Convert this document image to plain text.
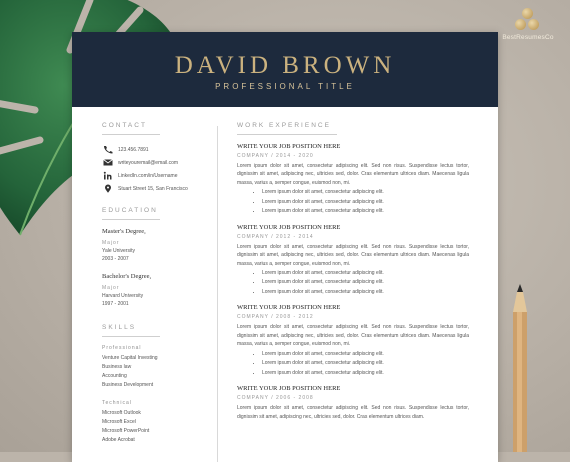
BestResumesCo
DAVID BROWN
PROFESSIONAL TITLE
CONTACT
123.456.7891
writeyouremail@email.com
LinkedIn.com/in/Username
Stuart Street 15, San Francisco
EDUCATION
Master's Degree,
Major
Yale University
2003 - 2007
Bachelor's Degree,
Major
Harvard University
1997 - 2001
SKILLS
Professional
Venture Capital Investing
Business law
Accounting
Business Development
Technical
Microsoft Outlook
Microsoft Excel
Microsoft PowerPoint
Adobe Acrobat
WORK EXPERIENCE
WRITE YOUR JOB POSITION HERE
COMPANY / 2014 - 2020
Lorem ipsum dolor sit amet, consectetur adipiscing elit. Sed non risus. Suspendisse lectus tortor, dignissim sit amet, adipiscing nec, ultricies sed, dolor. Cras elementum ultrices diam. Maecenas ligula massa, varius a, semper congue, euismod non, mi.
• Lorem ipsum dolor sit amet, consectetur adipiscing elit.
• Lorem ipsum dolor sit amet, consectetur adipiscing elit.
• Lorem ipsum dolor sit amet, consectetur adipiscing elit.
WRITE YOUR JOB POSITION HERE
COMPANY / 2012 - 2014
Lorem ipsum dolor sit amet, consectetur adipiscing elit. Sed non risus. Suspendisse lectus tortor, dignissim sit amet, adipiscing nec, ultricies sed, dolor. Cras elementum ultrices diam. Maecenas ligula massa, varius a, semper congue, euismod non, mi.
• Lorem ipsum dolor sit amet, consectetur adipiscing elit.
• Lorem ipsum dolor sit amet, consectetur adipiscing elit.
• Lorem ipsum dolor sit amet, consectetur adipiscing elit.
WRITE YOUR JOB POSITION HERE
COMPANY / 2008 - 2012
Lorem ipsum dolor sit amet, consectetur adipiscing elit. Sed non risus. Suspendisse lectus tortor, dignissim sit amet, adipiscing nec, ultricies sed, dolor. Cras elementum ultrices diam. Maecenas ligula massa, varius a, semper congue, euismod non, mi.
• Lorem ipsum dolor sit amet, consectetur adipiscing elit.
• Lorem ipsum dolor sit amet, consectetur adipiscing elit.
• Lorem ipsum dolor sit amet, consectetur adipiscing elit.
WRITE YOUR JOB POSITION HERE
COMPANY / 2006 - 2008
Lorem ipsum dolor sit amet, consectetur adipiscing elit. Sed non risus. Suspendisse lectus tortor, dignissim sit amet, adipiscing nec, ultricies sed, dolor. Cras elementum ultrices diam.
